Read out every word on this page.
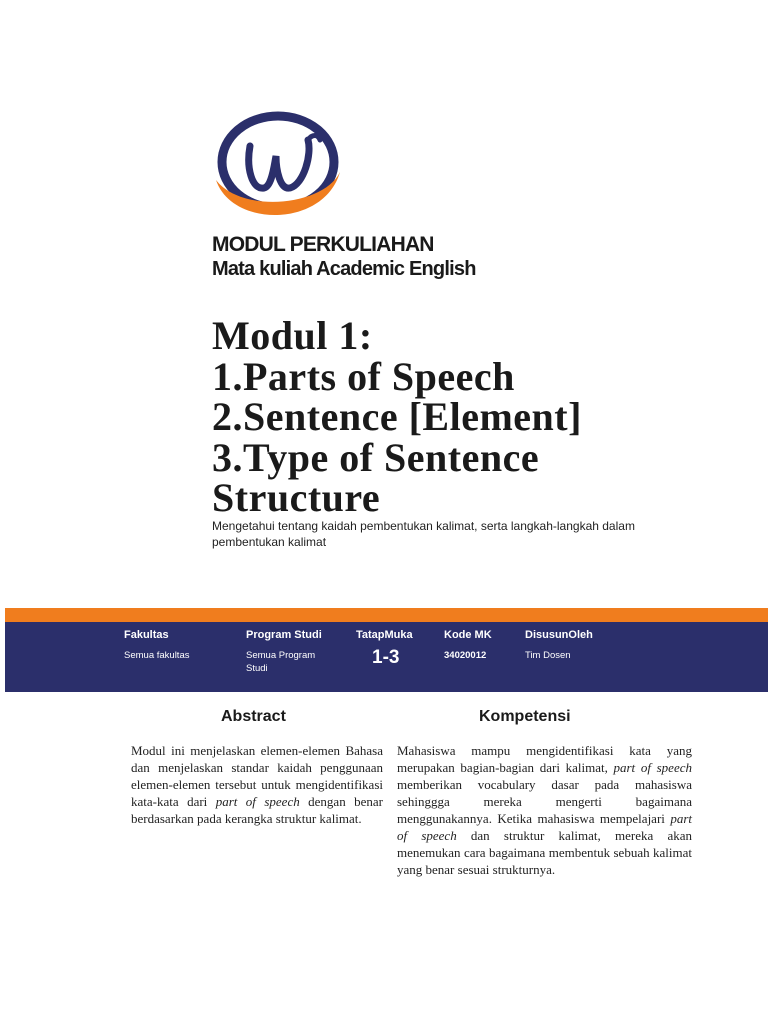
MODUL PERKULIAHAN
Mata kuliah Academic English
Modul 1:
1.Parts of Speech
2.Sentence [Element]
3.Type of Sentence
Structure
Mengetahui tentang kaidah pembentukan kalimat, serta langkah-langkah dalam pembentukan kalimat
Fakultas
Semua fakultas
Program Studi
Semua Program
Studi
TatapMuka
1-3
Kode MK
34020012
DisusunOleh
Tim Dosen
Abstract	Kompetensi
Modul ini menjelaskan elemen-elemen Bahasa dan menjelaskan standar kaidah penggunaan elemen-elemen tersebut untuk mengidentifikasi kata-kata dari part of speech dengan benar berdasarkan pada kerangka struktur kalimat.
Mahasiswa mampu mengidentifikasi kata yang merupakan bagian-bagian dari kalimat, part of speech memberikan vocabulary dasar pada mahasiswa sehinggga mereka mengerti bagaimana menggunakannya. Ketika mahasiswa mempelajari part of speech dan struktur kalimat, mereka akan menemukan cara bagaimana membentuk sebuah kalimat yang benar sesuai strukturnya.
